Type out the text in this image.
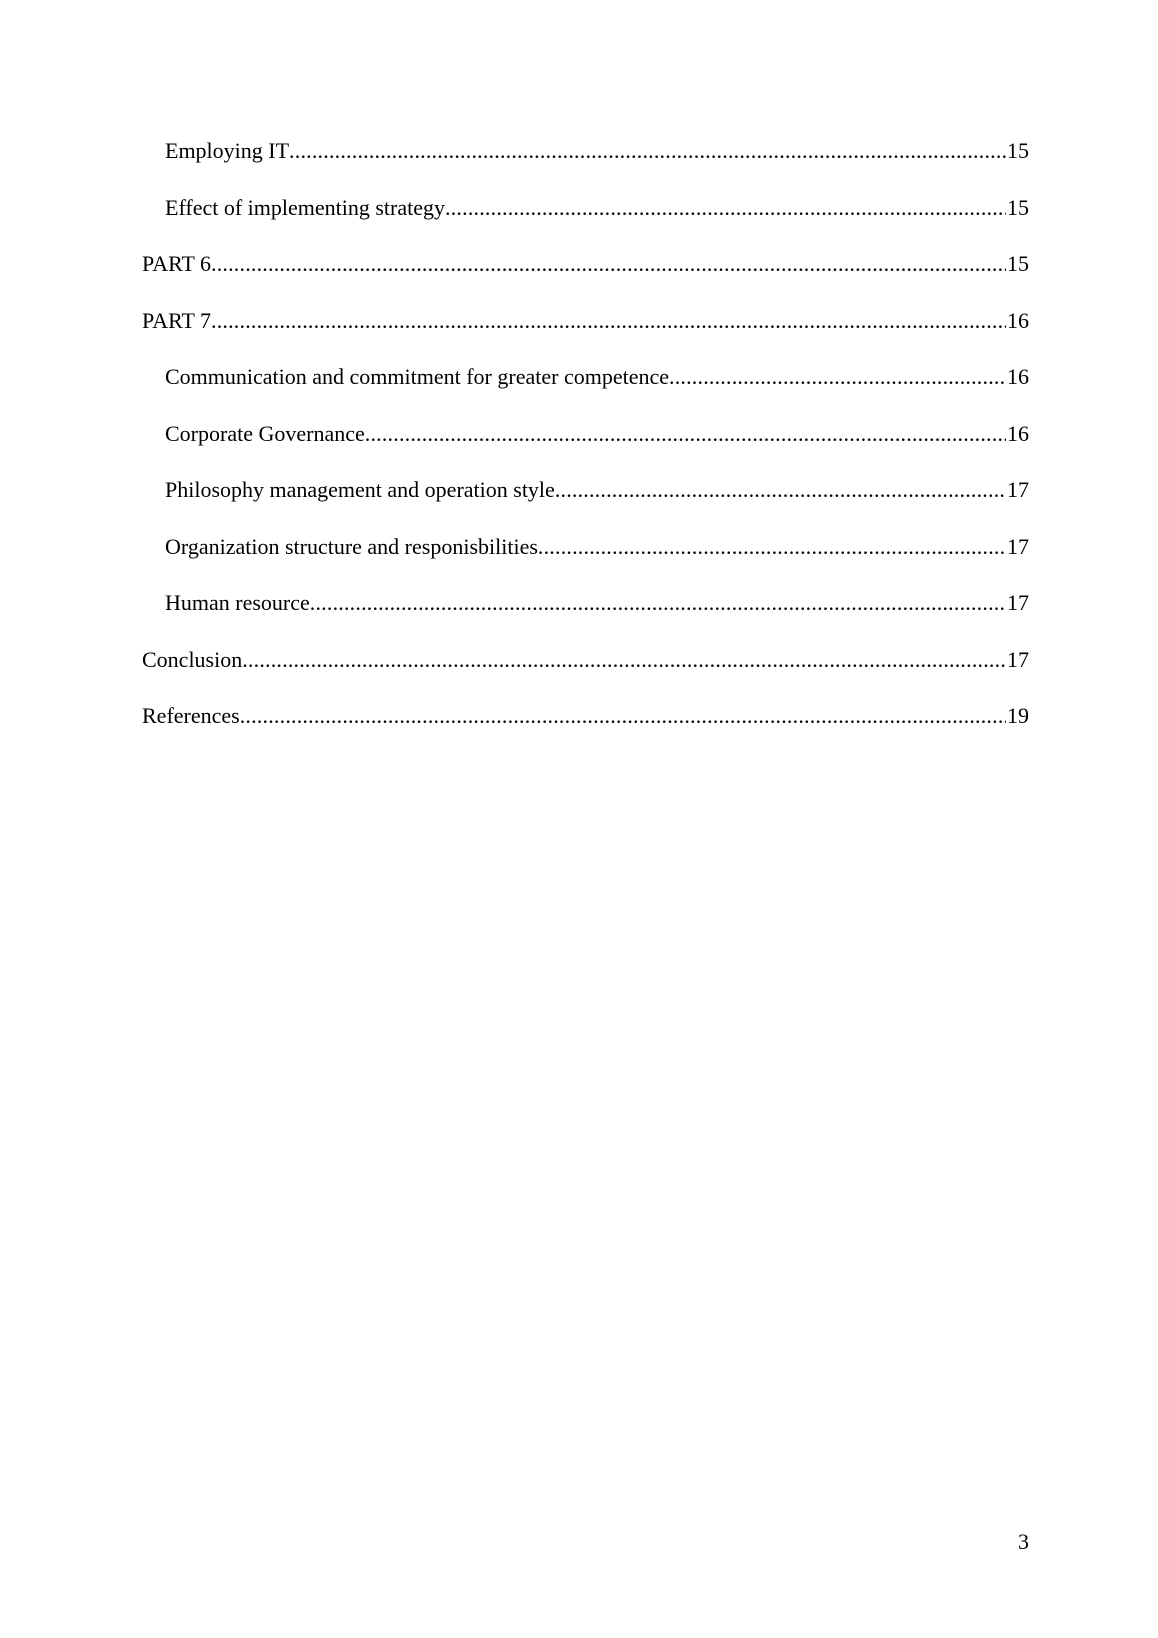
Employing IT .....	15
Effect of implementing strategy .....	15
PART 6 .....	15
PART 7 .....	16
Communication and commitment for greater competence .....	16
Corporate Governance .....	16
Philosophy management and operation style .....	17
Organization structure and responisbilities .....	17
Human resource .....	17
Conclusion .....	17
References .....	19
3
